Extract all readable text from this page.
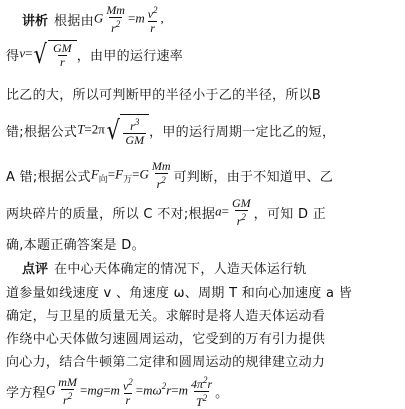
讲析 根据由 G $\frac{Mm}{r^2} =m \frac{v^2}{r}$ ,
得 v= √ $\frac{GM}{r}$ ，由甲的运行速率
比乙的大，所以可判断甲的半径小于乙的半径，所以B
错;根据公式 T=2π √ $\frac{r^3}{GM}$ ，甲的运行周期一定比乙的短，
A 错;根据公式 $F_向=F_万=G \frac{Mm}{r^2}$ 可判断，由于不知道甲、乙
两块碎片的质量，所以 C 不对;根据 $a= \frac{GM}{r^2}$ ，可知 D 正
确,本题正确答案是 D。
点评 在中心天体确定的情况下，人造天体运行轨
道参量如线速度 v 、角速度 ω、周期 T 和向心加速度 a 皆
确定，与卫星的质量无关。求解时是将人造天体运动看
作绕中心天体做匀速圆周运动，它受到的万有引力提供
向心力，结合牛顿第二定律和圆周运动的规律建立动力
学方程 G $\frac{mM}{r^2} =mg=m \frac{v^2}{r} =m\omega^2r=m \frac{4\pi^2r}{T^2}$ 。
